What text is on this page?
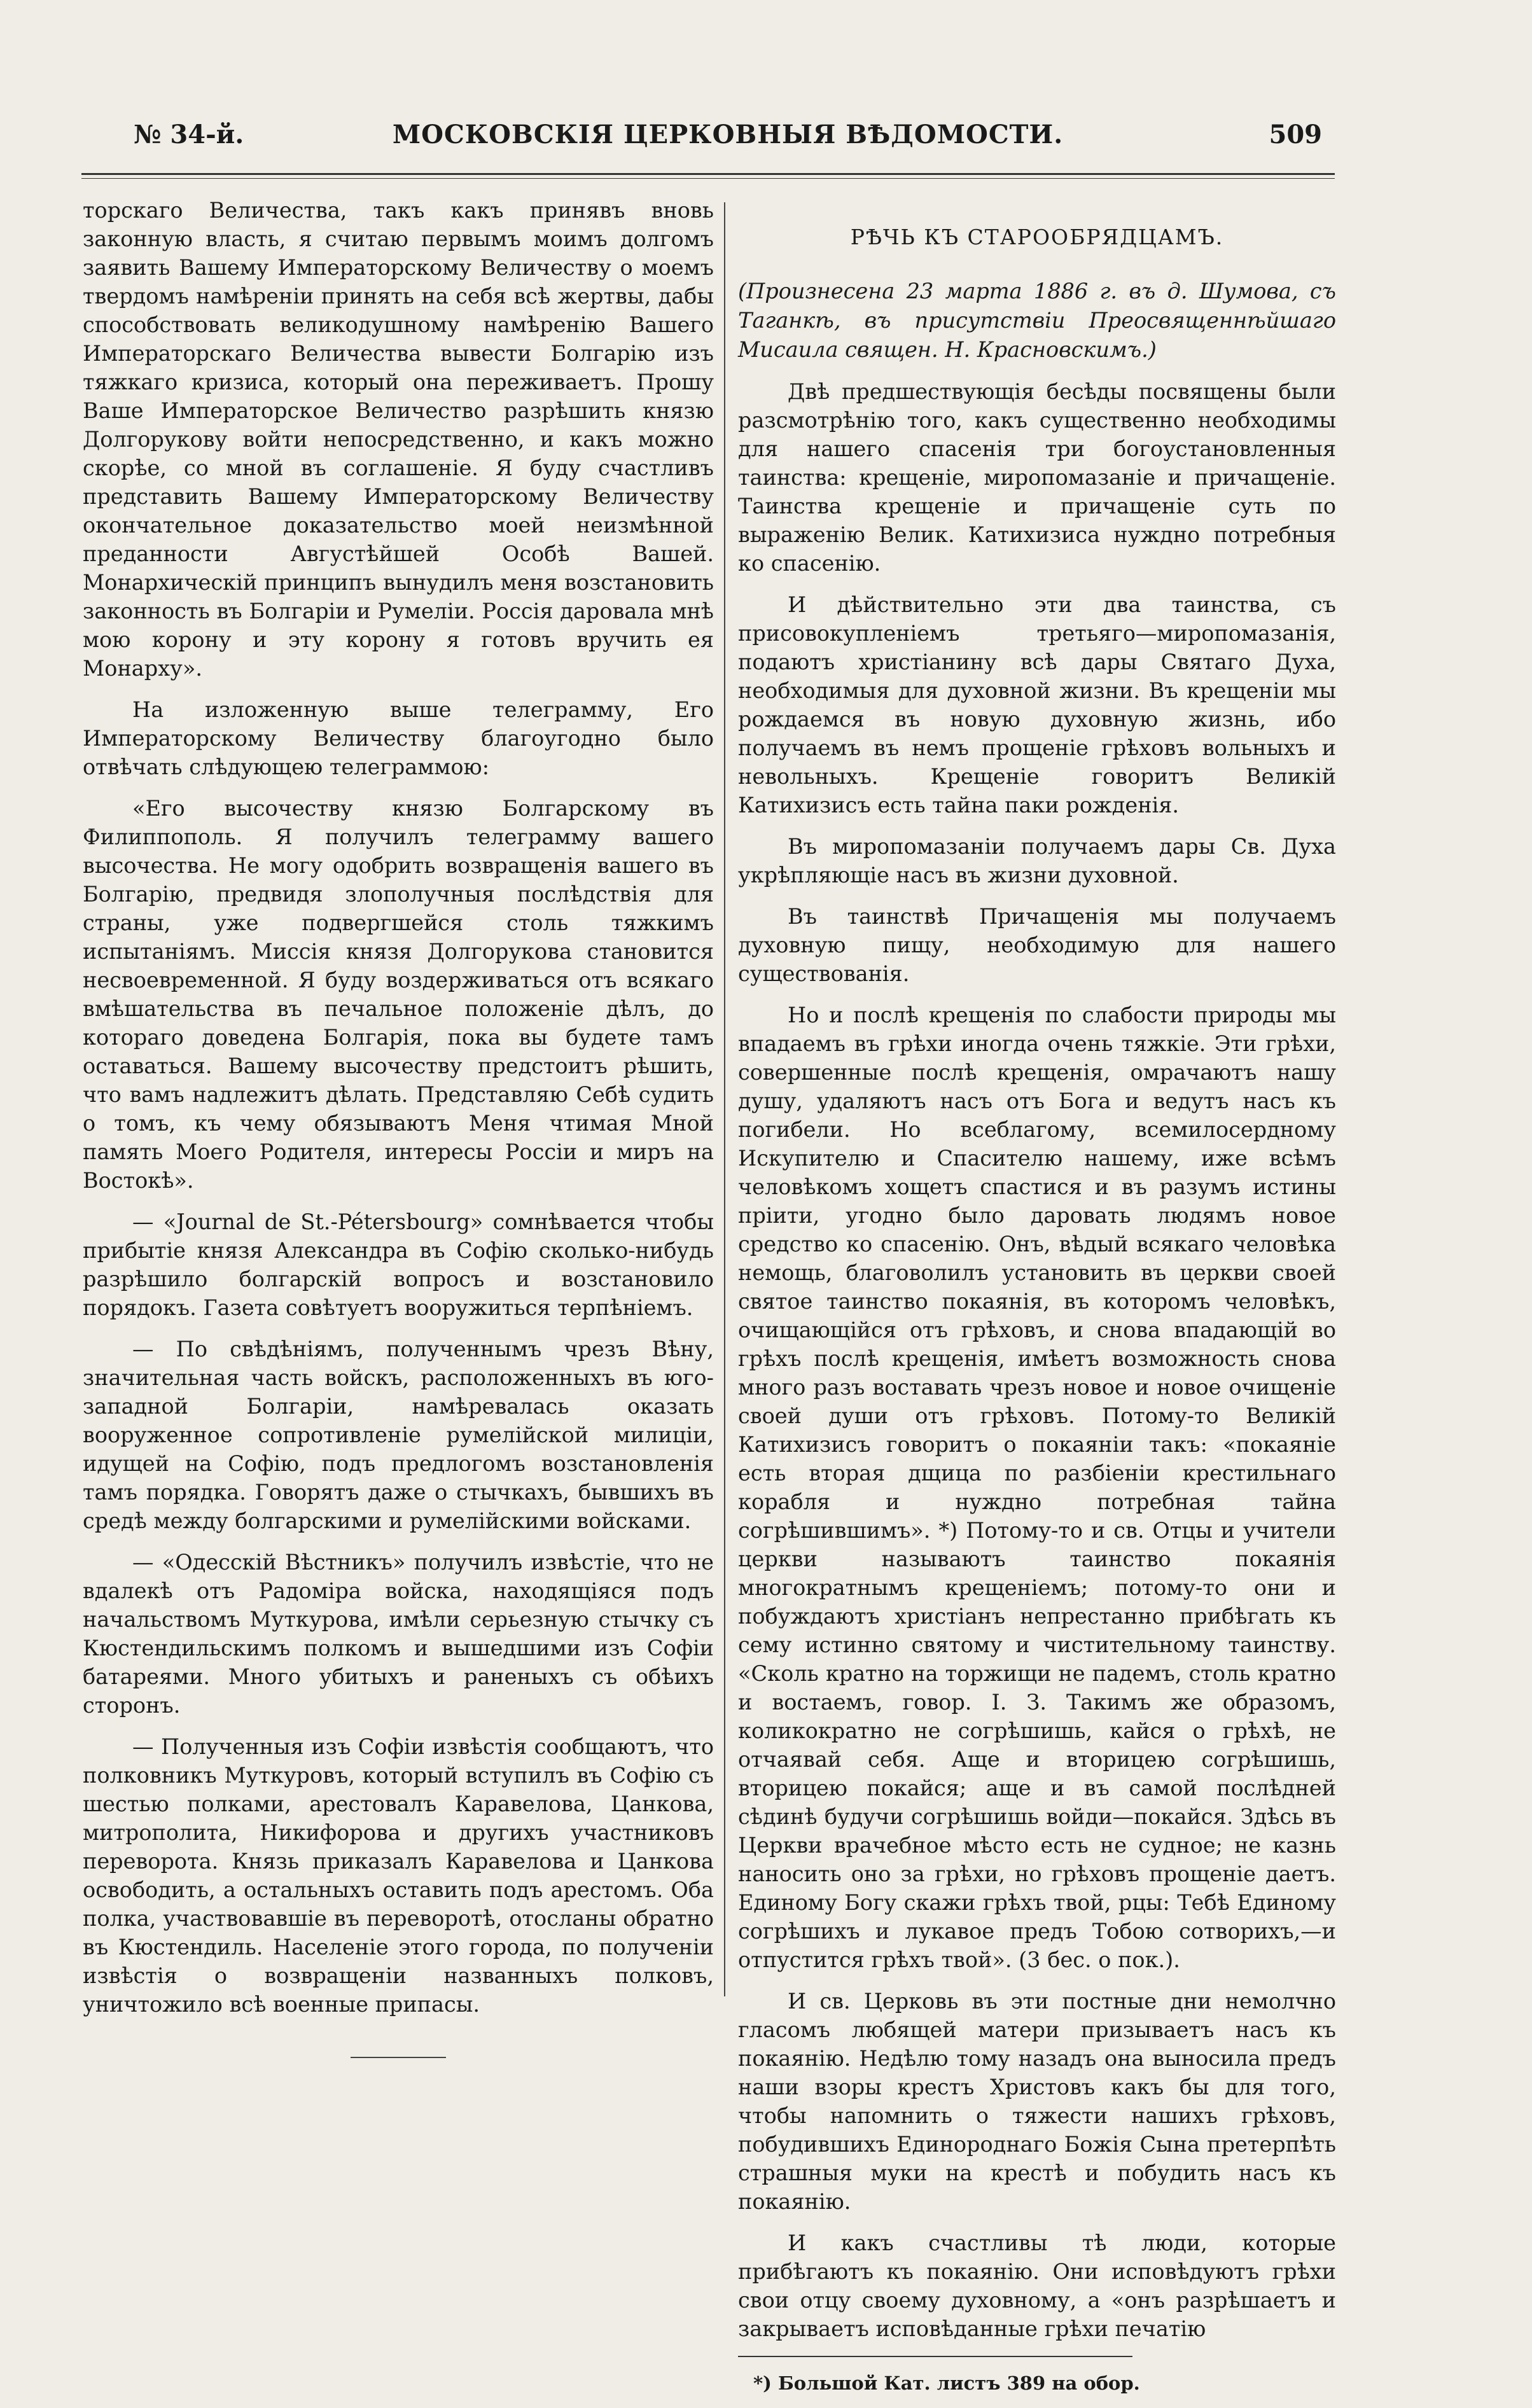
№ 34-й.	МОСКОВСКІЯ ЦЕРКОВНЫЯ ВѢДОМОСТИ.	509

торскаго Величества, такъ какъ принявъ вновь законную власть, я считаю первымъ моимъ долгомъ заявить Вашему Императорскому Величеству о моемъ твердомъ намѣреніи принять на себя всѣ жертвы, дабы способствовать великодушному намѣренію Вашего Императорскаго Величества вывести Болгарію изъ тяжкаго кризиса, который она переживаетъ. Прошу Ваше Императорское Величество разрѣшить князю Долгорукову войти непосредственно, и какъ можно скорѣе, со мной въ соглашеніе. Я буду счастливъ представить Вашему Императорскому Величеству окончательное доказательство моей неизмѣнной преданности Августѣйшей Особѣ Вашей. Монархическій принципъ вынудилъ меня возстановить законность въ Болгаріи и Румеліи. Россія даровала мнѣ мою корону и эту корону я готовъ вручить ея Монарху».

На изложенную выше телеграмму, Его Императорскому Величеству благоугодно было отвѣчать слѣдующею телеграммою:

«Его высочеству князю Болгарскому въ Филиппополь. Я получилъ телеграмму вашего высочества. Не могу одобрить возвращенія вашего въ Болгарію, предвидя злополучныя послѣдствія для страны, уже подвергшейся столь тяжкимъ испытаніямъ. Миссія князя Долгорукова становится несвоевременной. Я буду воздерживаться отъ всякаго вмѣшательства въ печальное положеніе дѣлъ, до котораго доведена Болгарія, пока вы будете тамъ оставаться. Вашему высочеству предстоитъ рѣшить, что вамъ надлежитъ дѣлать. Представляю Себѣ судить о томъ, къ чему обязываютъ Меня чтимая Мной память Моего Родителя, интересы Россіи и миръ на Востокѣ».

— «Journal de St.-Pétersbourg» сомнѣвается чтобы прибытіе князя Александра въ Софію сколько-нибудь разрѣшило болгарскій вопросъ и возстановило порядокъ. Газета совѣтуетъ вооружиться терпѣніемъ.

— По свѣдѣніямъ, полученнымъ чрезъ Вѣну, значительная часть войскъ, расположенныхъ въ юго-западной Болгаріи, намѣревалась оказать вооруженное сопротивленіе румелійской милиціи, идущей на Софію, подъ предлогомъ возстановленія тамъ порядка. Говорятъ даже о стычкахъ, бывшихъ въ средѣ между болгарскими и румелійскими войсками.

— «Одесскій Вѣстникъ» получилъ извѣстіе, что не вдалекѣ отъ Радоміра войска, находящіяся подъ начальствомъ Муткурова, имѣли серьезную стычку съ Кюстендильскимъ полкомъ и вышедшими изъ Софіи батареями. Много убитыхъ и раненыхъ съ обѣихъ сторонъ.

— Полученныя изъ Софіи извѣстія сообщаютъ, что полковникъ Муткуровъ, который вступилъ въ Софію съ шестью полками, арестовалъ Каравелова, Цанкова, митрополита, Никифорова и другихъ участниковъ переворота. Князь приказалъ Каравелова и Цанкова освободить, а остальныхъ оставить подъ арестомъ. Оба полка, участвовавшіе въ переворотѣ, отосланы обратно въ Кюстендиль. Населеніе этого города, по полученіи извѣстія о возвращеніи названныхъ полковъ, уничтожило всѣ военные припасы.

РѢЧЬ КЪ СТАРООБРЯДЦАМЪ.

(Произнесена 23 марта 1886 г. въ д. Шумова, съ Таганкѣ, въ присутствіи Преосвященнѣйшаго Мисаила священ. Н. Красновскимъ.)

Двѣ предшествующія бесѣды посвящены были разсмотрѣнію того, какъ существенно необходимы для нашего спасенія три богоустановленныя таинства: крещеніе, миропомазаніе и причащеніе. Таинства крещеніе и причащеніе суть по выраженію Велик. Катихизиса нуждно потребныя ко спасенію.

И дѣйствительно эти два таинства, съ присовокупленіемъ третьяго—миропомазанія, подаютъ христіанину всѣ дары Святаго Духа, необходимыя для духовной жизни. Въ крещеніи мы рождаемся въ новую духовную жизнь, ибо получаемъ въ немъ прощеніе грѣховъ вольныхъ и невольныхъ. Крещеніе говоритъ Великій Катихизисъ есть тайна паки рожденія.

Въ миропомазаніи получаемъ дары Св. Духа укрѣпляющіе насъ въ жизни духовной.

Въ таинствѣ Причащенія мы получаемъ духовную пищу, необходимую для нашего существованія.

Но и послѣ крещенія по слабости природы мы впадаемъ въ грѣхи иногда очень тяжкіе. Эти грѣхи, совершенные послѣ крещенія, омрачаютъ нашу душу, удаляютъ насъ отъ Бога и ведутъ насъ къ погибели. Но всеблагому, всемилосердному Искупителю и Спасителю нашему, иже всѣмъ человѣкомъ хощетъ спастися и въ разумъ истины пріити, угодно было даровать людямъ новое средство ко спасенію. Онъ, вѣдый всякаго человѣка немощь, благоволилъ установить въ церкви своей святое таинство покаянія, въ которомъ человѣкъ, очищающійся отъ грѣховъ, и снова впадающій во грѣхъ послѣ крещенія, имѣетъ возможность снова много разъ воставать чрезъ новое и новое очищеніе своей души отъ грѣховъ. Потому-то Великій Катихизисъ говоритъ о покаяніи такъ: «покаяніе есть вторая дщица по разбіеніи крестильнаго корабля и нуждно потребная тайна согрѣшившимъ». *) Потому-то и св. Отцы и учители церкви называютъ таинство покаянія многократнымъ крещеніемъ; потому-то они и побуждаютъ христіанъ непрестанно прибѣгать къ сему истинно святому и чистительному таинству. «Сколь кратно на торжищи не падемъ, столь кратно и востаемъ, говор. І. З. Такимъ же образомъ, коликократно не согрѣшишь, кайся о грѣхѣ, не отчаявай себя. Аще и вторицею согрѣшишь, вторицею покайся; аще и въ самой послѣдней сѣдинѣ будучи согрѣшишь войди—покайся. Здѣсь въ Церкви врачебное мѣсто есть не судное; не казнь наносить оно за грѣхи, но грѣховъ прощеніе даетъ. Единому Богу скажи грѣхъ твой, рцы: Тебѣ Единому согрѣшихъ и лукавое предъ Тобою сотворихъ,—и отпустится грѣхъ твой». (3 бес. о пок.).

И св. Церковь въ эти постные дни немолчно гласомъ любящей матери призываетъ насъ къ покаянію. Недѣлю тому назадъ она выносила предъ наши взоры крестъ Христовъ какъ бы для того, чтобы напомнить о тяжести нашихъ грѣховъ, побудившихъ Единороднаго Божія Сына претерпѣть страшныя муки на крестѣ и побудить насъ къ покаянію.

И какъ счастливы тѣ люди, которые прибѣгаютъ къ покаянію. Они исповѣдуютъ грѣхи свои отцу своему духовному, а «онъ разрѣшаетъ и закрываетъ исповѣданные грѣхи печатію

*) Большой Кат. листъ 389 на обор.
